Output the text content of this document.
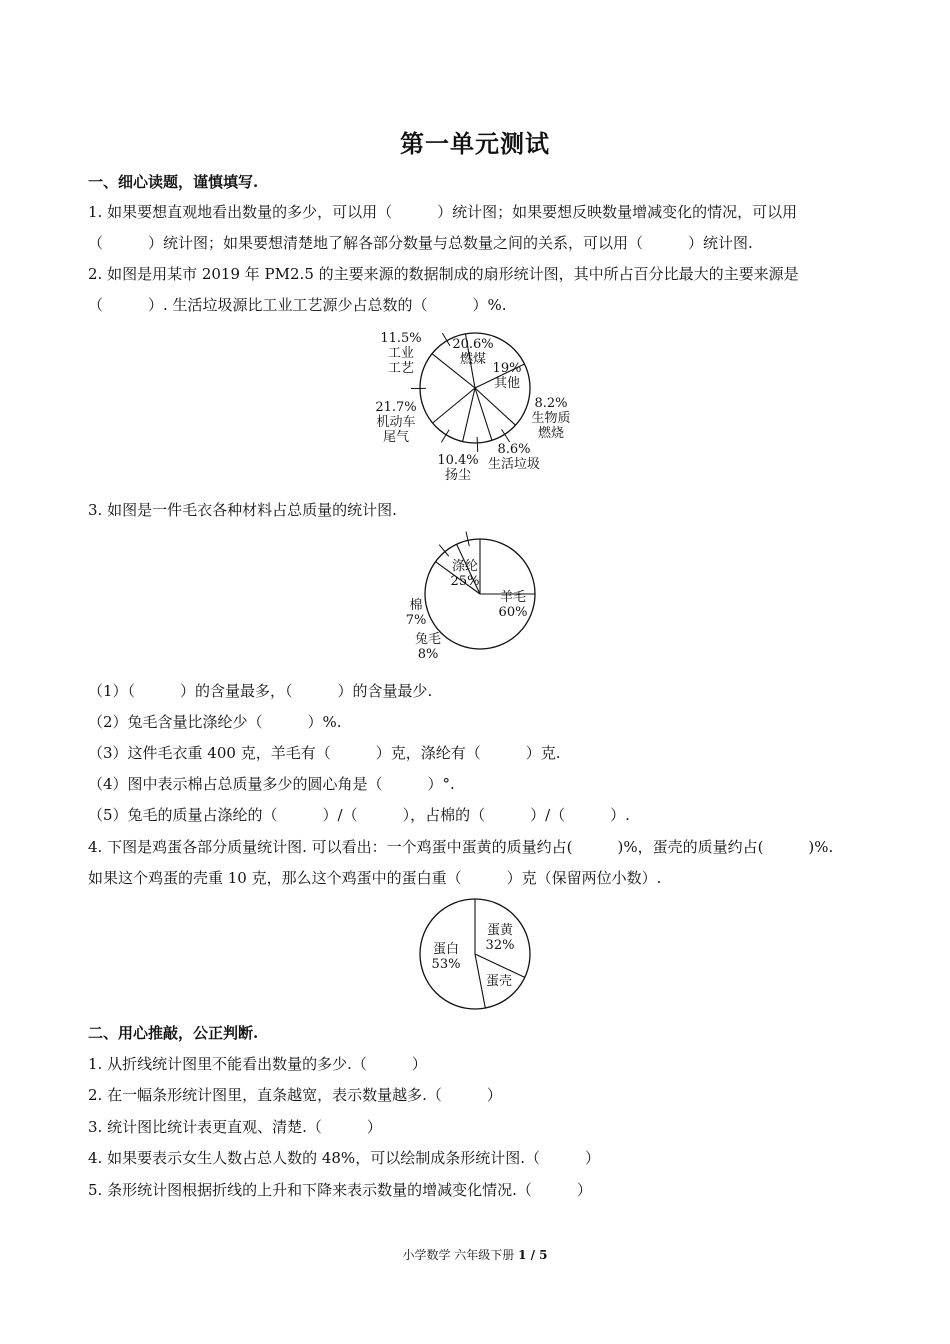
第一单元测试
一、细心读题，谨慎填写.
1. 如果要想直观地看出数量的多少，可以用（　　　）统计图；如果要想反映数量增减变化的情况，可以用
（　　　）统计图；如果要想清楚地了解各部分数量与总数量之间的关系，可以用（　　　）统计图.
2. 如图是用某市 2019 年 PM2.5 的主要来源的数据制成的扇形统计图，其中所占百分比最大的主要来源是
（　　　）. 生活垃圾源比工业工艺源少占总数的（　　　）%.
20.6%
燃煤
19%
其他
8.2%
生物质
燃烧
8.6%
生活垃圾
10.4%
扬尘
21.7%
机动车
尾气
11.5%
工业
工艺
3. 如图是一件毛衣各种材料占总质量的统计图.
羊毛
60%
兔毛
8%
棉
7%
涤纶
25%
（1）（　　　）的含量最多，（　　　）的含量最少.
（2）兔毛含量比涤纶少（　　　）%.
（3）这件毛衣重 400 克，羊毛有（　　　）克，涤纶有（　　　）克.
（4）图中表示棉占总质量多少的圆心角是（　　　）°.
（5）兔毛的质量占涤纶的（　　　）/（　　　），占棉的（　　　）/（　　　）.
4. 下图是鸡蛋各部分质量统计图. 可以看出：一个鸡蛋中蛋黄的质量约占(　　　)%，蛋壳的质量约占(　　　)%.
如果这个鸡蛋的壳重 10 克，那么这个鸡蛋中的蛋白重（　　　）克（保留两位小数）.
蛋黄
32%
蛋壳
蛋白
53%
二、用心推敲，公正判断.
1. 从折线统计图里不能看出数量的多少.（　　　）
2. 在一幅条形统计图里，直条越宽，表示数量越多.（　　　）
3. 统计图比统计表更直观、清楚.（　　　）
4. 如果要表示女生人数占总人数的 48%，可以绘制成条形统计图.（　　　）
5. 条形统计图根据折线的上升和下降来表示数量的增减变化情况.（　　　）
小学数学 六年级下册 1 / 5
